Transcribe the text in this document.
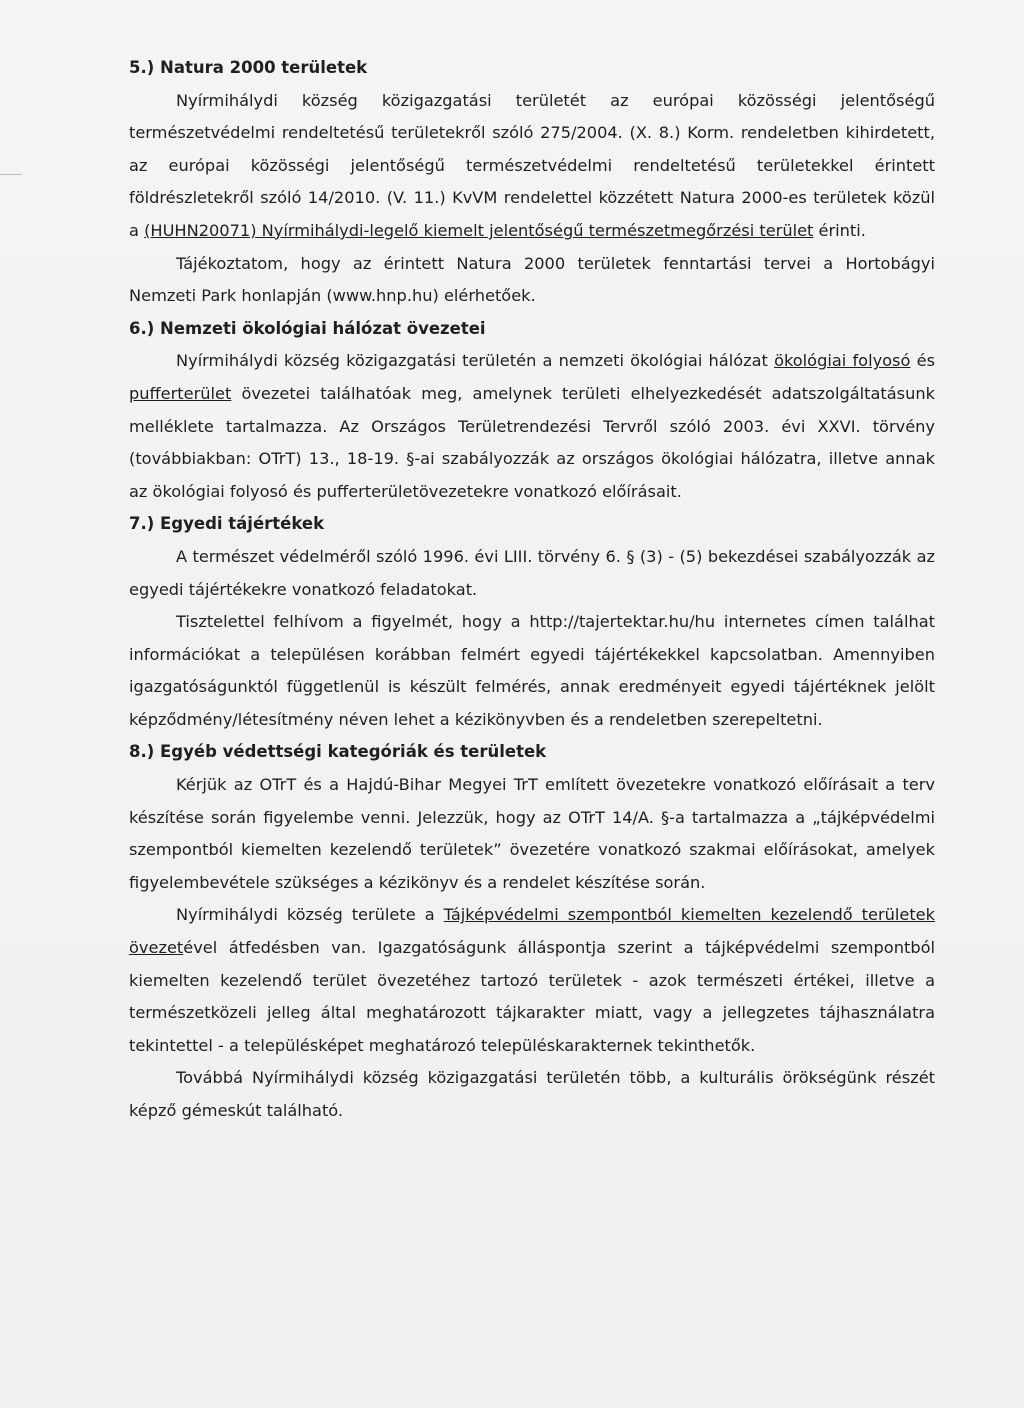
5.) Natura 2000 területek

Nyírmihálydi község közigazgatási területét az európai közösségi jelentőségű természetvédelmi rendeltetésű területekről szóló 275/2004. (X. 8.) Korm. rendeletben kihirdetett, az európai közösségi jelentőségű természetvédelmi rendeltetésű területekkel érintett földrészletekről szóló 14/2010. (V. 11.) KvVM rendelettel közzétett Natura 2000-es területek közül a (HUHN20071) Nyírmihálydi-legelő kiemelt jelentőségű természetmegőrzési terület érinti.

Tájékoztatom, hogy az érintett Natura 2000 területek fenntartási tervei a Hortobágyi Nemzeti Park honlapján (www.hnp.hu) elérhetőek.

6.) Nemzeti ökológiai hálózat övezetei

Nyírmihálydi község közigazgatási területén a nemzeti ökológiai hálózat ökológiai folyosó és pufferterület övezetei találhatóak meg, amelynek területi elhelyezkedését adatszolgáltatásunk melléklete tartalmazza. Az Országos Területrendezési Tervről szóló 2003. évi XXVI. törvény (továbbiakban: OTrT) 13., 18-19. §-ai szabályozzák az országos ökológiai hálózatra, illetve annak az ökológiai folyosó és pufferterületövezetekre vonatkozó előírásait.

7.) Egyedi tájértékek

A természet védelméről szóló 1996. évi LIII. törvény 6. § (3) - (5) bekezdései szabályozzák az egyedi tájértékekre vonatkozó feladatokat.

Tisztelettel felhívom a figyelmét, hogy a http://tajertektar.hu/hu internetes címen találhat információkat a településen korábban felmért egyedi tájértékekkel kapcsolatban. Amennyiben igazgatóságunktól függetlenül is készült felmérés, annak eredményeit egyedi tájértéknek jelölt képződmény/létesítmény néven lehet a kézikönyvben és a rendeletben szerepeltetni.

8.) Egyéb védettségi kategóriák és területek

Kérjük az OTrT és a Hajdú-Bihar Megyei TrT említett övezetekre vonatkozó előírásait a terv készítése során figyelembe venni. Jelezzük, hogy az OTrT 14/A. §-a tartalmazza a „tájképvédelmi szempontból kiemelten kezelendő területek” övezetére vonatkozó szakmai előírásokat, amelyek figyelembevétele szükséges a kézikönyv és a rendelet készítése során.

Nyírmihálydi község területe a Tájképvédelmi szempontból kiemelten kezelendő területek övezetével átfedésben van. Igazgatóságunk álláspontja szerint a tájképvédelmi szempontból kiemelten kezelendő terület övezetéhez tartozó területek - azok természeti értékei, illetve a természetközeli jelleg által meghatározott tájkarakter miatt, vagy a jellegzetes tájhasználatra tekintettel - a településképet meghatározó településkarakternek tekinthetők.

Továbbá Nyírmihálydi község közigazgatási területén több, a kulturális örökségünk részét képző gémeskút található.
